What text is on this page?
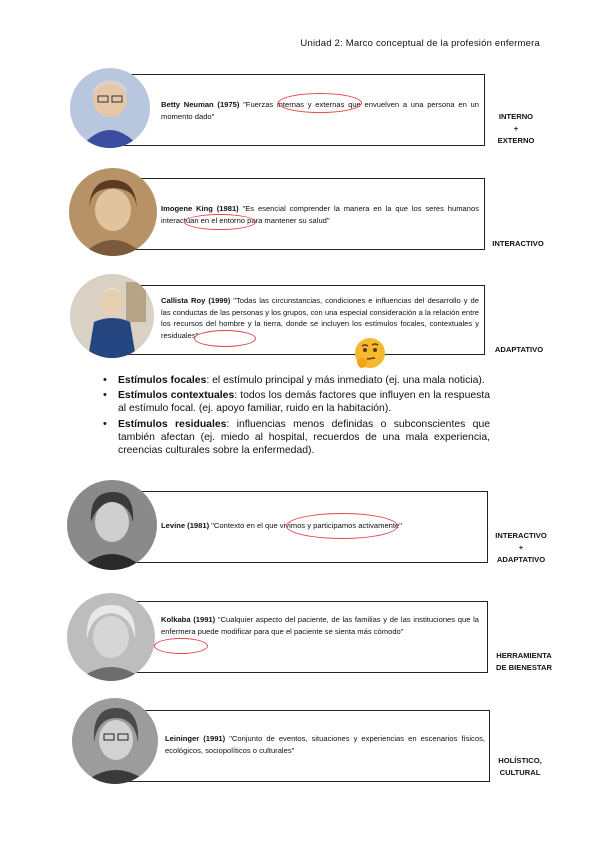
Unidad 2: Marco conceptual de la profesión enfermera
Betty Neuman (1975) "Fuerzas internas y externas que envuelven a una persona en un momento dado"	INTERNO
+
EXTERNO
Imogene King (1981) "Es esencial comprender la manera en la que los seres humanos interactúan en el entorno para mantener su salud"
INTERACTIVO
Callista Roy (1999) "Todas las circunstancias, condiciones e influencias del desarrollo y de las conductas de las personas y los grupos, con una especial consideración a la relación entre los recursos del hombre y la tierra, donde se incluyen los estímulos focales, contextuales y residuales"
ADAPTATIVO
• Estímulos focales: el estímulo principal y más inmediato (ej. una mala noticia).
• Estímulos contextuales: todos los demás factores que influyen en la respuesta al estímulo focal. (ej. apoyo familiar, ruido en la habitación).
• Estímulos residuales: influencias menos definidas o subconscientes que también afectan (ej. miedo al hospital, recuerdos de una mala experiencia, creencias culturales sobre la enfermedad).
Levine (1981) "Contexto en el que vivimos y participamos activamente"
INTERACTIVO
+
ADAPTATIVO
Kolkaba (1991) "Cualquier aspecto del paciente, de las familias y de las instituciones que la enfermera puede modificar para que el paciente se sienta más cómodo"
HERRAMIENTA
DE BIENESTAR
Leininger (1991) "Conjunto de eventos, situaciones y experiencias en escenarios físicos, ecológicos, sociopolíticos o culturales"
HOLÍSTICO,
CULTURAL
